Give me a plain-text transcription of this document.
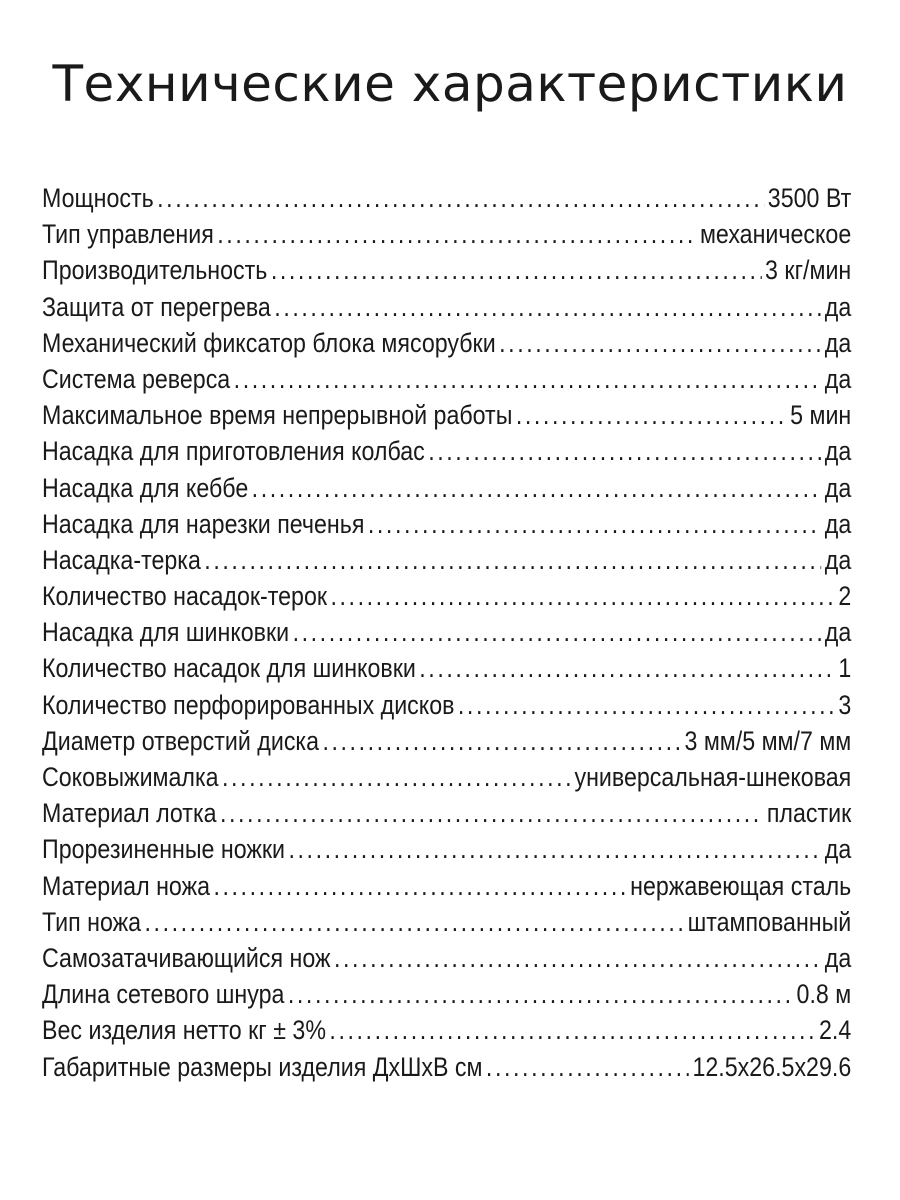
Технические характеристики
Мощность .....	3500 Вт
Тип управления .....	механическое
Производительность .....	3 кг/мин
Защита от перегрева .....	да
Механический фиксатор блока мясорубки .....	да
Система реверса .....	да
Максимальное время непрерывной работы .....	5 мин
Насадка для приготовления колбас .....	да
Насадка для кеббе .....	да
Насадка для нарезки печенья .....	да
Насадка-терка .....	да
Количество насадок-терок .....	2
Насадка для шинковки .....	да
Количество насадок для шинковки .....	1
Количество перфорированных дисков .....	3
Диаметр отверстий диска .....	3 мм/5 мм/7 мм
Соковыжималка .....	универсальная-шнековая
Материал лотка .....	пластик
Прорезиненные ножки .....	да
Материал ножа .....	нержавеющая сталь
Тип ножа .....	штампованный
Самозатачивающийся нож .....	да
Длина сетевого шнура .....	0.8 м
Вес изделия нетто кг ± 3% .....	2.4
Габаритные размеры изделия ДхШхВ см .....	12.5х26.5х29.6
